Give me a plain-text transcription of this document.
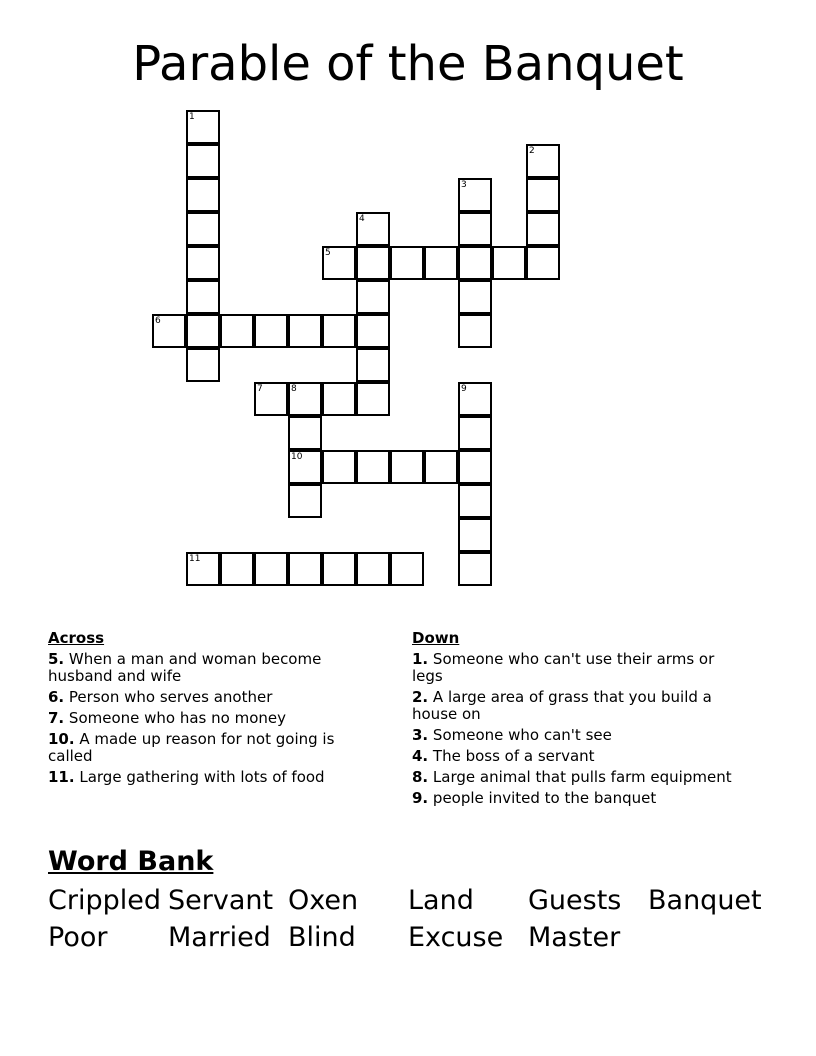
Parable of the Banquet
1
2
3
4
5
6
7	8
10
9
11
Across
5. When a man and woman become husband and wife
6. Person who serves another
7. Someone who has no money
10. A made up reason for not going is called
11. Large gathering with lots of food
Down
1. Someone who can't use their arms or legs
2. A large area of grass that you build a house on
3. Someone who can't see
4. The boss of a servant
8. Large animal that pulls farm equipment
9. people invited to the banquet
Word Bank
Crippled Servant Oxen	Land	Guests Banquet
Poor	Married Blind	Excuse Master
